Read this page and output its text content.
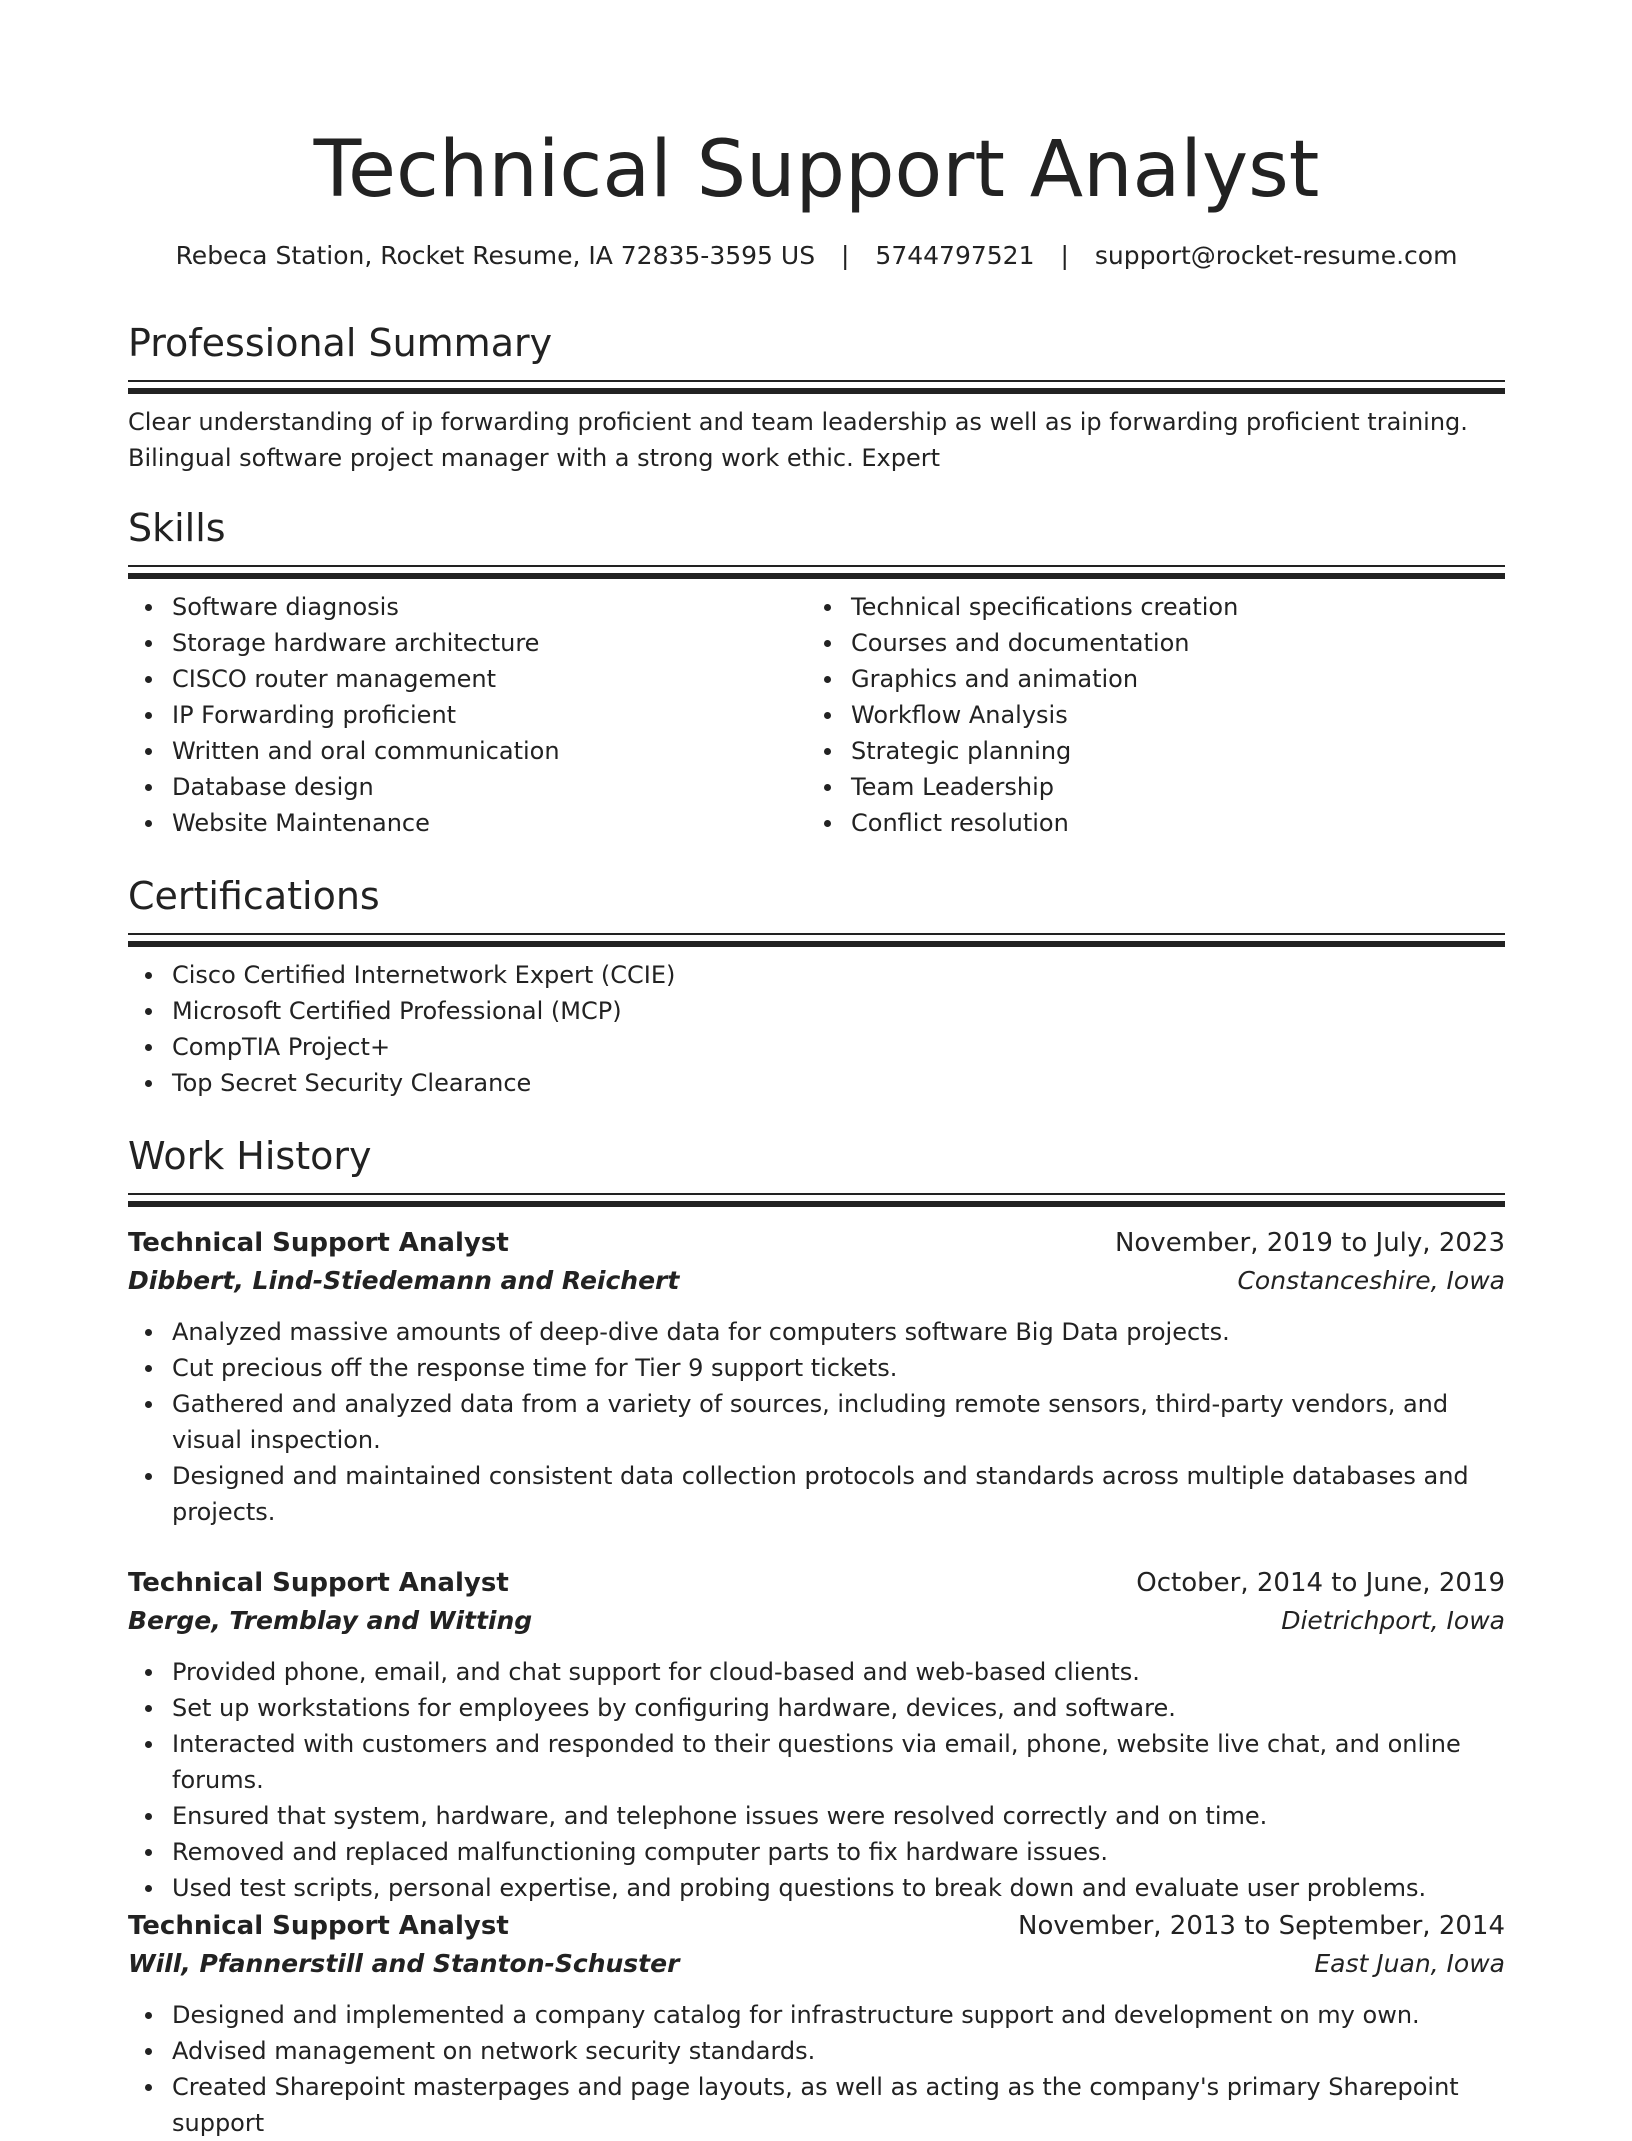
Technical Support Analyst
Rebeca Station, Rocket Resume, IA 72835-3595 US | 5744797521 | support@rocket-resume.com
Professional Summary
Clear understanding of ip forwarding proficient and team leadership as well as ip forwarding proficient training. Bilingual software project manager with a strong work ethic. Expert
Skills
Software diagnosis
Storage hardware architecture
CISCO router management
IP Forwarding proficient
Written and oral communication
Database design
Website Maintenance
Technical specifications creation
Courses and documentation
Graphics and animation
Workflow Analysis
Strategic planning
Team Leadership
Conflict resolution
Certifications
Cisco Certified Internetwork Expert (CCIE)
Microsoft Certified Professional (MCP)
CompTIA Project+
Top Secret Security Clearance
Work History
Technical Support Analyst	November, 2019 to July, 2023
Dibbert, Lind-Stiedemann and Reichert	Constanceshire, Iowa
Analyzed massive amounts of deep-dive data for computers software Big Data projects.
Cut precious off the response time for Tier 9 support tickets.
Gathered and analyzed data from a variety of sources, including remote sensors, third-party vendors, and visual inspection.
Designed and maintained consistent data collection protocols and standards across multiple databases and projects.
Technical Support Analyst	October, 2014 to June, 2019
Berge, Tremblay and Witting	Dietrichport, Iowa
Provided phone, email, and chat support for cloud-based and web-based clients.
Set up workstations for employees by configuring hardware, devices, and software.
Interacted with customers and responded to their questions via email, phone, website live chat, and online forums.
Ensured that system, hardware, and telephone issues were resolved correctly and on time.
Removed and replaced malfunctioning computer parts to fix hardware issues.
Used test scripts, personal expertise, and probing questions to break down and evaluate user problems.
Technical Support Analyst	November, 2013 to September, 2014
Will, Pfannerstill and Stanton-Schuster	East Juan, Iowa
Designed and implemented a company catalog for infrastructure support and development on my own.
Advised management on network security standards.
Created Sharepoint masterpages and page layouts, as well as acting as the company's primary Sharepoint support
